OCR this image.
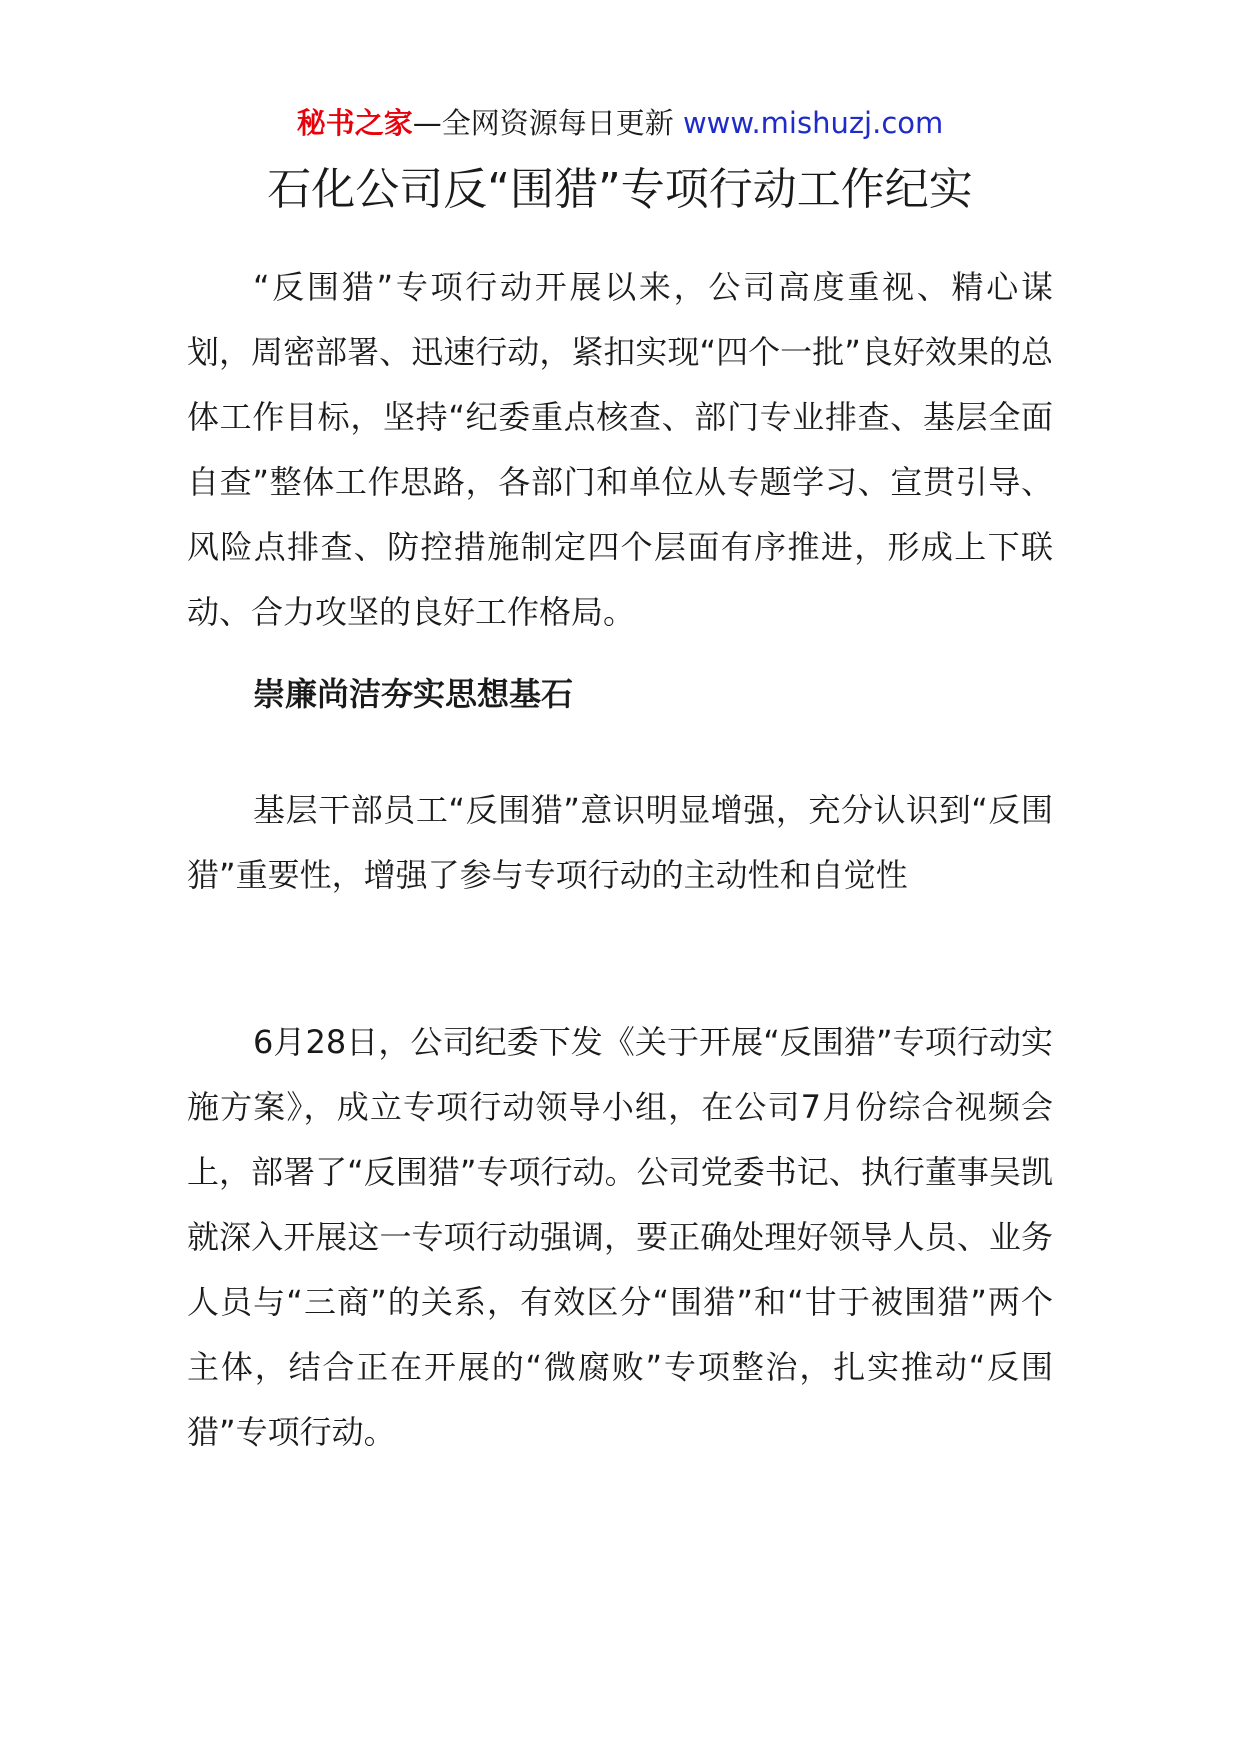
秘书之家—全网资源每日更新 www.mishuzj.com
石化公司反“围猎”专项行动工作纪实

“反围猎”专项行动开展以来，公司高度重视、精心谋划，周密部署、迅速行动，紧扣实现“四个一批”良好效果的总体工作目标，坚持“纪委重点核查、部门专业排查、基层全面自查”整体工作思路，各部门和单位从专题学习、宣贯引导、风险点排查、防控措施制定四个层面有序推进，形成上下联动、合力攻坚的良好工作格局。

崇廉尚洁夯实思想基石

基层干部员工“反围猎”意识明显增强，充分认识到“反围猎”重要性，增强了参与专项行动的主动性和自觉性

6月28日，公司纪委下发《关于开展“反围猎”专项行动实施方案》，成立专项行动领导小组，在公司7月份综合视频会上，部署了“反围猎”专项行动。公司党委书记、执行董事吴凯就深入开展这一专项行动强调，要正确处理好领导人员、业务人员与“三商”的关系，有效区分“围猎”和“甘于被围猎”两个主体，结合正在开展的“微腐败”专项整治，扎实推动“反围猎”专项行动。
